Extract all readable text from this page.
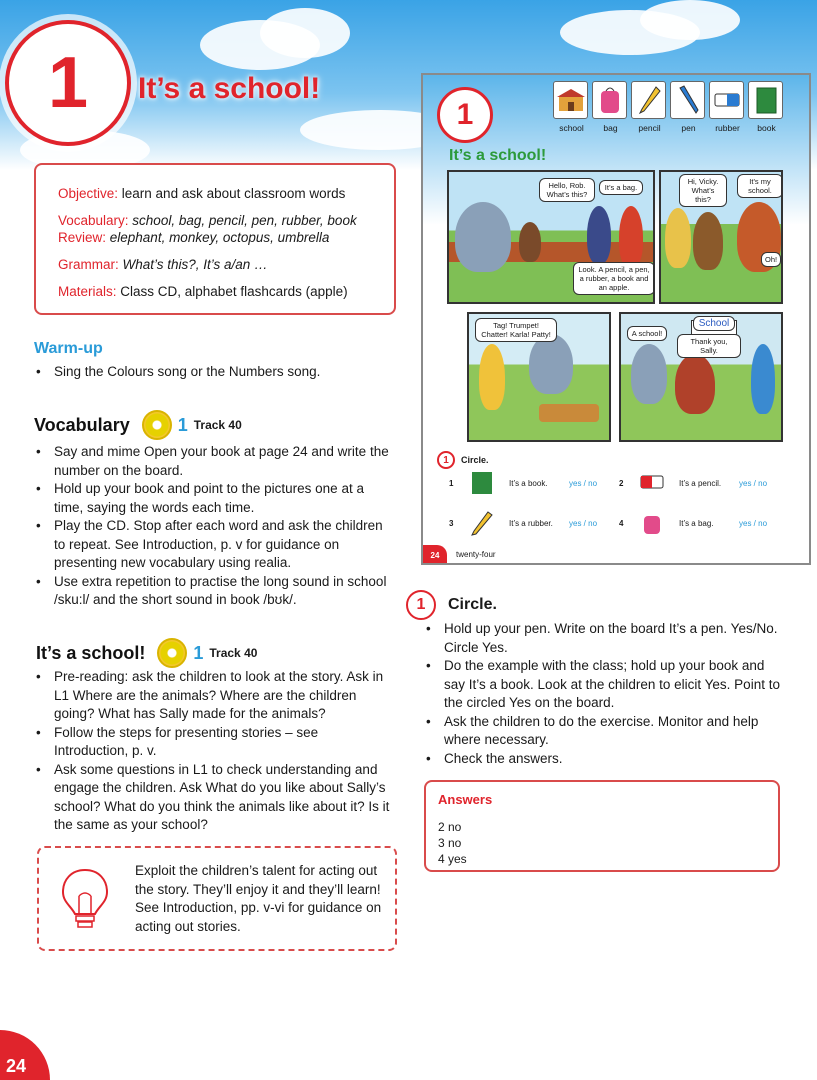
1 It’s a school!

Objective: learn and ask about classroom words

Vocabulary: school, bag, pencil, pen, rubber, book

Review: elephant, monkey, octopus, umbrella

Grammar: What’s this?, It’s a/an …

Materials: Class CD, alphabet flashcards (apple)

Warm-up
• Sing the Colours song or the Numbers song.
Vocabulary	1 Track 40
• Say and mime Open your book at page 24 and write the number on the board.
• Hold up your book and point to the pictures one at a time, saying the words each time.
• Play the CD. Stop after each word and ask the children to repeat. See Introduction, p. v for guidance on presenting new vocabulary using realia.
• Use extra repetition to practise the long sound in school /sku:l/ and the short sound in book /bʊk/.
It’s a school!	1 Track 40
• Pre-reading: ask the children to look at the story. Ask in L1 Where are the animals? Where are the children going? What has Sally made for the animals?
• Follow the steps for presenting stories – see Introduction, p. v.
• Ask some questions in L1 to check understanding and engage the children. Ask What do you like about Sally’s school? What do you think the animals like about it? Is it the same as your school?
Exploit the children’s talent for acting out the story. They’ll enjoy it and they’ll learn! See Introduction, pp. v-vi for guidance on acting out stories.
24
1	school	bag	pencil	pen	rubber	book
It’s a school!
Hello, Rob. What’s this?
It’s a bag.
Look. A pencil, a pen, a rubber, a book and an apple.
Hi, Vicky. What’s this?
It’s my school.
Oh!
Tag! Trumpet! Chatter! Karla! Patty!	A school!
School
Thank you, Sally.
1	Circle.
1	It’s a book.	yes / no	2	It’s a pencil.	yes / no
3	It’s a rubber.	yes / no	4	It’s a bag.	yes / no
24	twenty-four
1	Circle.
• Hold up your pen. Write on the board It’s a pen. Yes/No. Circle Yes.
• Do the example with the class; hold up your book and say It’s a book. Look at the children to elicit Yes. Point to the circled Yes on the board.
• Ask the children to do the exercise. Monitor and help where necessary.
• Check the answers.
Answers
2 no
3 no
4 yes
